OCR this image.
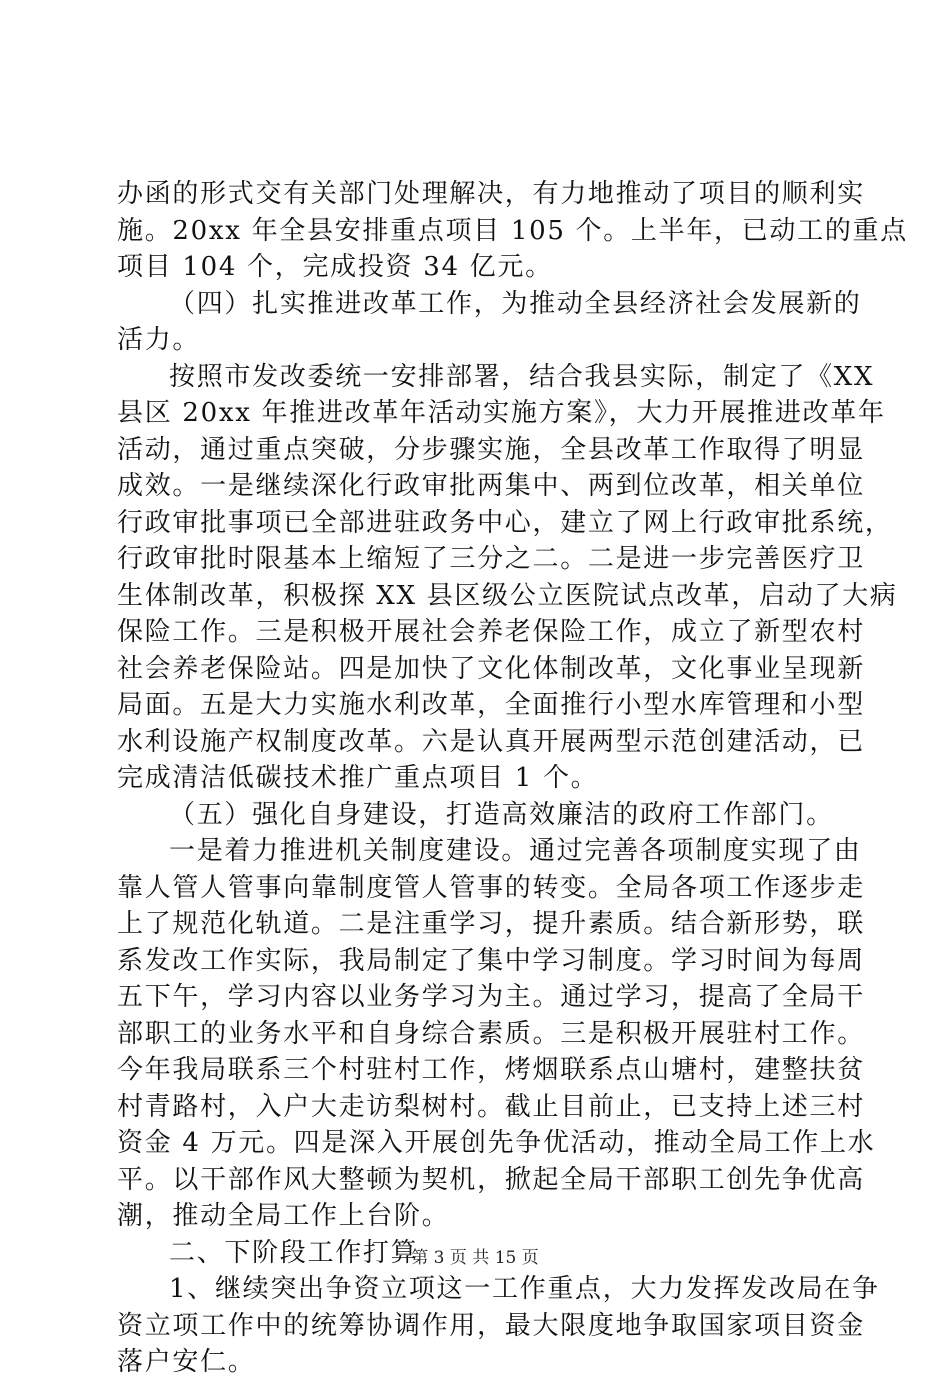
办函的形式交有关部门处理解决，有力地推动了项目的顺利实
施。20xx 年全县安排重点项目 105 个。上半年，已动工的重点
项目 104 个，完成投资 34 亿元。
（四）扎实推进改革工作，为推动全县经济社会发展新的
活力。
按照市发改委统一安排部署，结合我县实际，制定了《XX
县区 20xx 年推进改革年活动实施方案》，大力开展推进改革年
活动，通过重点突破，分步骤实施，全县改革工作取得了明显
成效。一是继续深化行政审批两集中、两到位改革，相关单位
行政审批事项已全部进驻政务中心，建立了网上行政审批系统，
行政审批时限基本上缩短了三分之二。二是进一步完善医疗卫
生体制改革，积极探 XX 县区级公立医院试点改革，启动了大病
保险工作。三是积极开展社会养老保险工作，成立了新型农村
社会养老保险站。四是加快了文化体制改革，文化事业呈现新
局面。五是大力实施水利改革，全面推行小型水库管理和小型
水利设施产权制度改革。六是认真开展两型示范创建活动，已
完成清洁低碳技术推广重点项目 1 个。
（五）强化自身建设，打造高效廉洁的政府工作部门。
一是着力推进机关制度建设。通过完善各项制度实现了由
靠人管人管事向靠制度管人管事的转变。全局各项工作逐步走
上了规范化轨道。二是注重学习，提升素质。结合新形势，联
系发改工作实际，我局制定了集中学习制度。学习时间为每周
五下午，学习内容以业务学习为主。通过学习，提高了全局干
部职工的业务水平和自身综合素质。三是积极开展驻村工作。
今年我局联系三个村驻村工作，烤烟联系点山塘村，建整扶贫
村青路村，入户大走访梨树村。截止目前止，已支持上述三村
资金 4 万元。四是深入开展创先争优活动，推动全局工作上水
平。以干部作风大整顿为契机，掀起全局干部职工创先争优高
潮，推动全局工作上台阶。
二、下阶段工作打算
1、继续突出争资立项这一工作重点，大力发挥发改局在争
资立项工作中的统筹协调作用，最大限度地争取国家项目资金
落户安仁。
第 3 页 共 15 页
